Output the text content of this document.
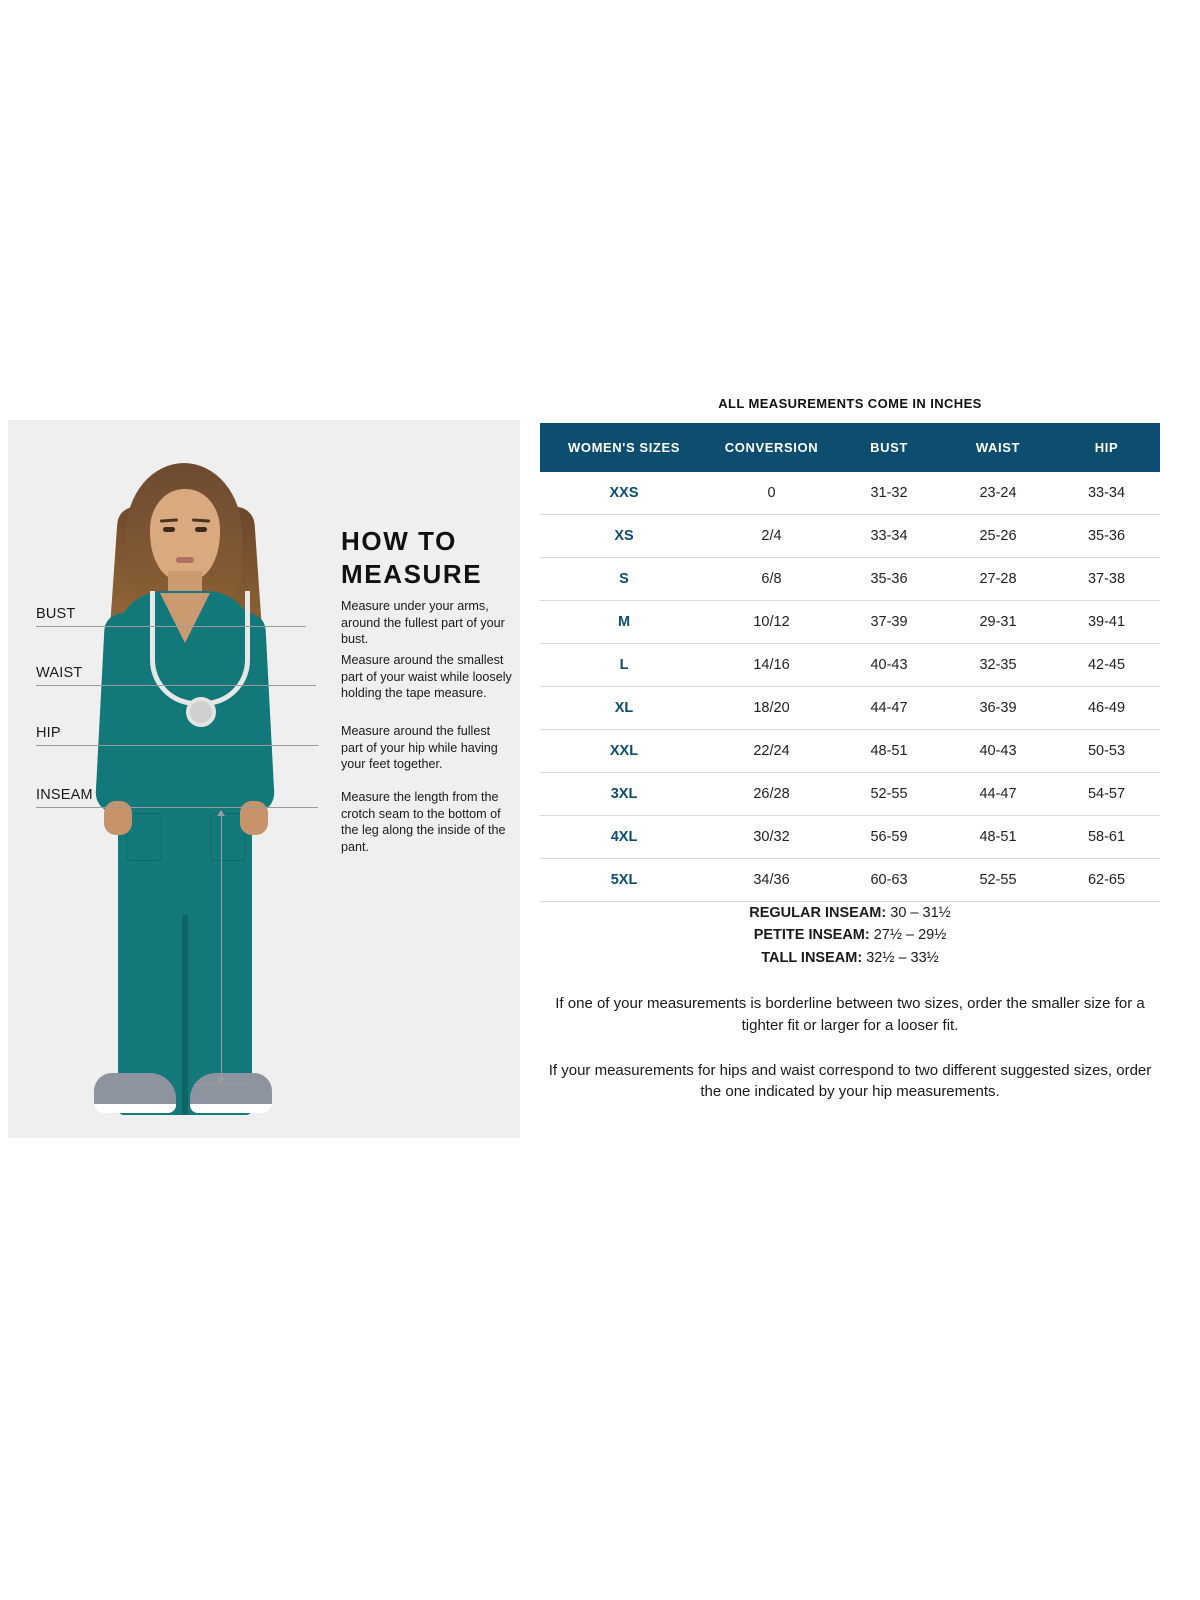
BUST
WAIST
HIP
INSEAM
HOW TO
MEASURE
Measure under your arms, around the fullest part of your bust.
Measure around the smallest part of your waist while loosely holding the tape measure.
Measure around the fullest part of your hip while having your feet together.
Measure the length from the crotch seam to the bottom of the leg along the inside of the pant.
ALL MEASUREMENTS COME IN INCHES
WOMEN'S SIZES	CONVERSION	BUST	WAIST	HIP
XXS	0	31-32	23-24	33-34
XS	2/4	33-34	25-26	35-36
S	6/8	35-36	27-28	37-38
M	10/12	37-39	29-31	39-41
L	14/16	40-43	32-35	42-45
XL	18/20	44-47	36-39	46-49
XXL	22/24	48-51	40-43	50-53
3XL	26/28	52-55	44-47	54-57
4XL	30/32	56-59	48-51	58-61
5XL	34/36	60-63	52-55	62-65
REGULAR INSEAM: 30 – 31½
PETITE INSEAM: 27½ – 29½
TALL INSEAM: 32½ – 33½
If one of your measurements is borderline between two sizes, order the smaller size for a tighter fit or larger for a looser fit.
If your measurements for hips and waist correspond to two different suggested sizes, order the one indicated by your hip measurements.
